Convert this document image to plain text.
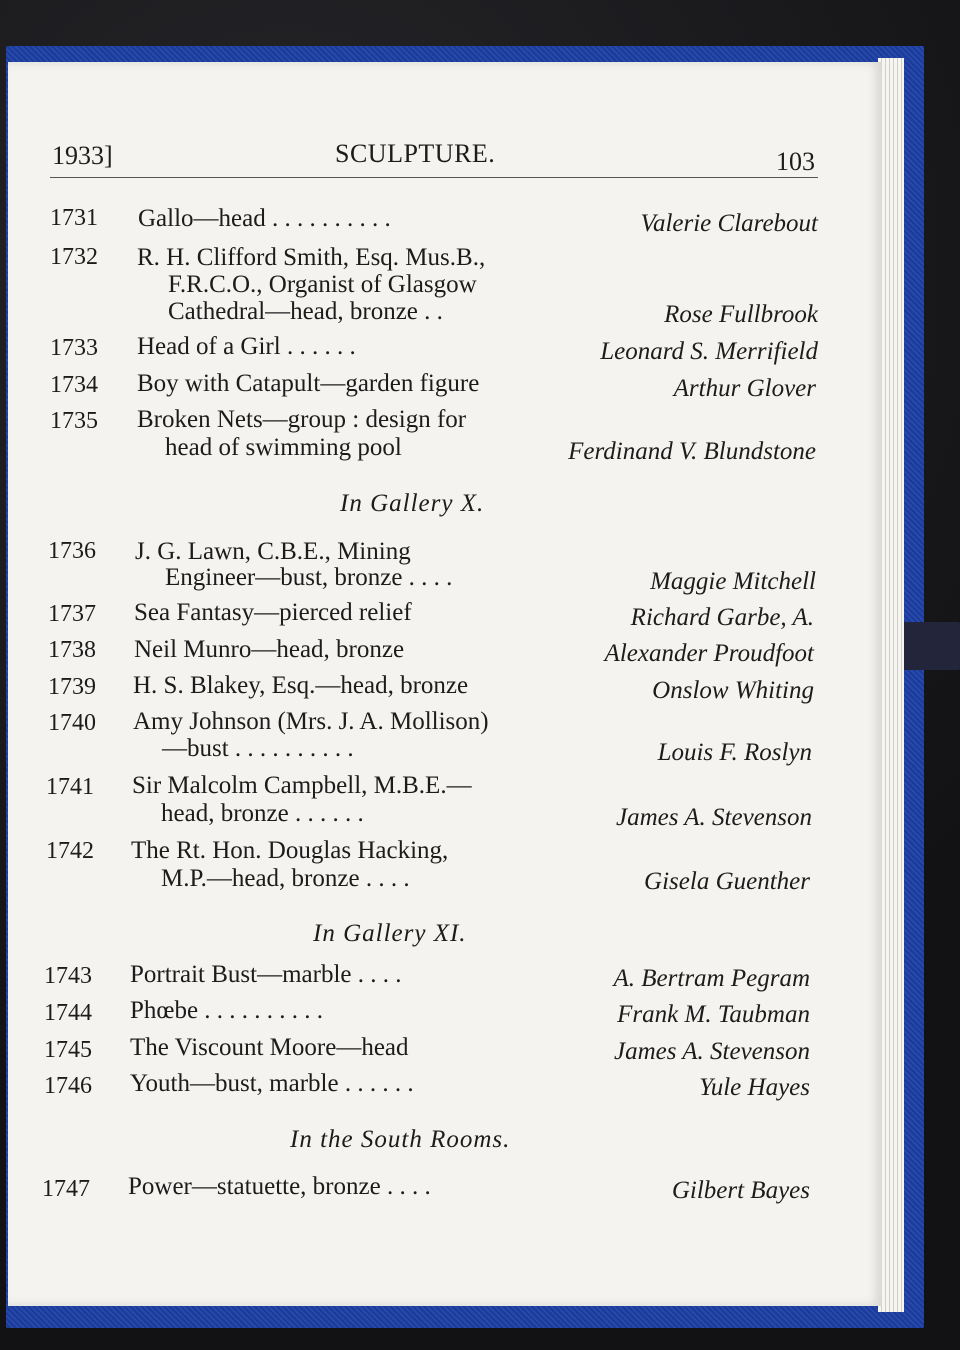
1933]	SCULPTURE.	103
1731 Gallo—head . . . . . . . . . .	Valerie Clarebout
1732 R. H. Clifford Smith, Esq. Mus.B.,
F.R.C.O., Organist of Glasgow
Cathedral—head, bronze . .	Rose Fullbrook
1733 Head of a Girl . . . . . .	Leonard S. Merrifield
1734 Boy with Catapult—garden figure	Arthur Glover
1735 Broken Nets—group : design for
head of swimming pool	Ferdinand V. Blundstone
In Gallery X.
1736 J. G. Lawn, C.B.E., Mining
Engineer—bust, bronze . . . .	Maggie Mitchell
1737 Sea Fantasy—pierced relief	Richard Garbe, A.
1738 Neil Munro—head, bronze	Alexander Proudfoot
1739 H. S. Blakey, Esq.—head, bronze	Onslow Whiting
1740 Amy Johnson (Mrs. J. A. Mollison)
—bust . . . . . . . . . .	Louis F. Roslyn
1741 Sir Malcolm Campbell, M.B.E.—
head, bronze . . . . . .	James A. Stevenson
1742 The Rt. Hon. Douglas Hacking,
M.P.—head, bronze . . . .	Gisela Guenther
In Gallery XI.
1743 Portrait Bust—marble . . . .	A. Bertram Pegram
1744 Phœbe . . . . . . . . . .	Frank M. Taubman
1745 The Viscount Moore—head	James A. Stevenson
1746 Youth—bust, marble . . . . . .	Yule Hayes
In the South Rooms.
1747 Power—statuette, bronze . . . .	Gilbert Bayes
